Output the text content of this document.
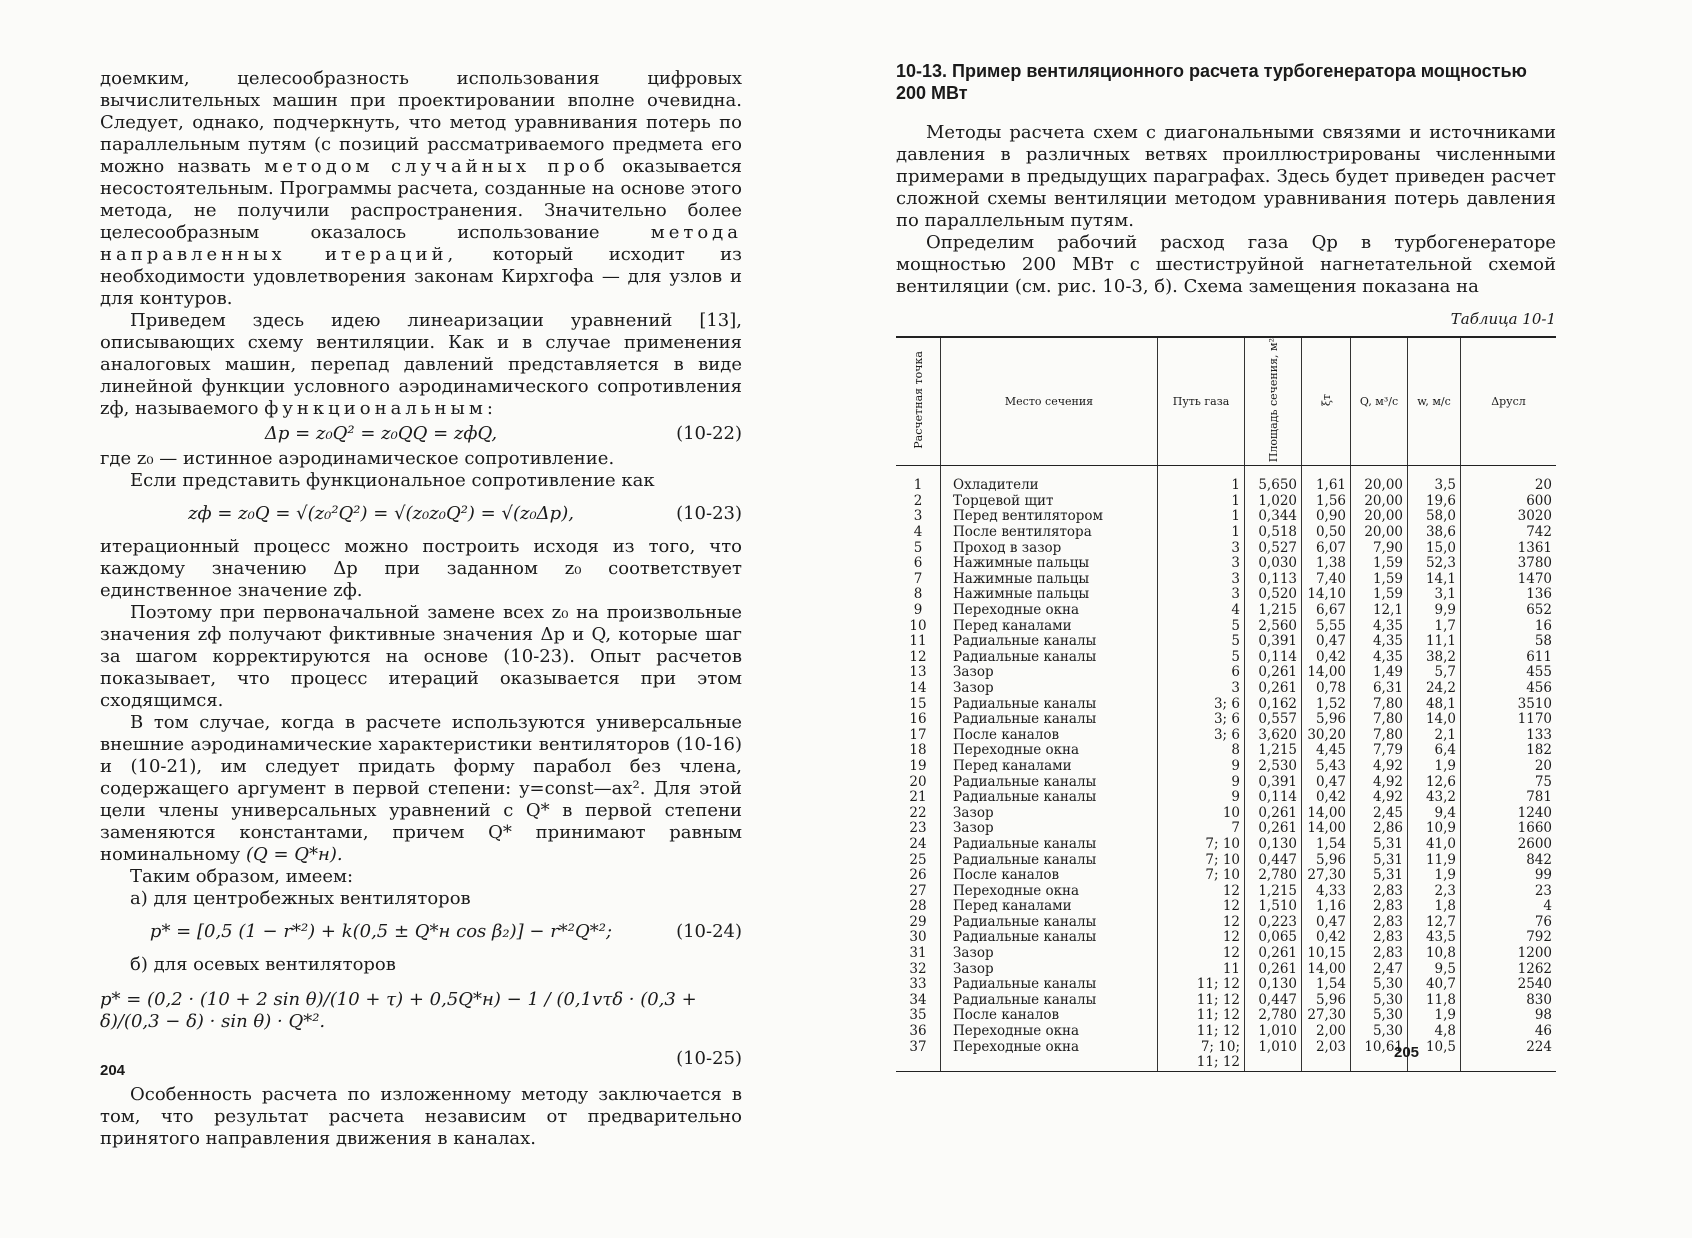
доемким, целесообразность использования цифровых вычислительных машин при проектировании вполне очевидна. Следует, однако, подчеркнуть, что метод уравнивания потерь по параллельным путям (с позиций рассматриваемого предмета его можно назвать методом случайных проб оказывается несостоятельным. Программы расчета, созданные на основе этого метода, не получили распространения. Значительно более целесообразным оказалось использование	метода направленных итераций, который исходит из необходимости удовлетворения законам Кирхгофа — для узлов и для контуров.

Приведем здесь идею линеаризации уравнений [13], описывающих схему вентиляции. Как и в случае применения аналоговых машин, перепад давлений представляется в виде линейной функции условного аэродинамического сопротивления zф, называемого функциональным:

Δp = z₀Q² = z₀QQ = zфQ,	(10-22)

где z₀ — истинное аэродинамическое сопротивление.

Если представить функциональное сопротивление как

zф = z₀Q = √(z₀²Q²) = √(z₀z₀Q²) = √(z₀Δp),	(10-23)

итерационный процесс можно построить исходя из того, что каждому значению Δp при заданном z₀ соответствует единственное значение zф.

Поэтому при первоначальной замене всех z₀ на произвольные значения zф получают фиктивные значения Δp и Q, которые шаг за шагом корректируются на основе (10-23). Опыт расчетов показывает, что процесс итераций оказывается при этом сходящимся.

В том случае, когда в расчете используются универсальные внешние аэродинамические характеристики вентиляторов (10-16) и (10-21), им следует придать форму парабол без члена, содержащего аргумент в первой степени: y=const—ax². Для этой цели члены универсальных уравнений с Q* в первой степени заменяются константами, причем Q* принимают равным номинальному (Q = Q*н).

Таким образом, имеем:

а) для центробежных вентиляторов

p* = [0,5 (1 − r*²) + k(0,5 ± Q*н cos β₂)] − r*²Q*²;	(10-24)

б) для осевых вентиляторов

p* = (0,2 · (10 + 2 sin θ)/(10 + τ) + 0,5Q*н) − 1 / (0,1vτδ · (0,3 + δ)/(0,3 − δ) · sin θ) · Q*².
(10-25)

Особенность расчета по изложенному методу заключается в том, что результат расчета независим от предварительно принятого направления движения в каналах.

204
10-13. Пример вентиляционного расчета турбогенератора мощностью 200 МВт

Методы расчета схем с диагональными связями и источниками давления в различных ветвях проиллюстрированы численными примерами в предыдущих параграфах. Здесь будет приведен расчет сложной схемы вентиляции методом уравнивания потерь давления по параллельным путям.

Определим рабочий расход газа Qр в турбогенераторе мощностью 200 МВт с шестиструйной нагнетательной схемой вентиляции (см. рис. 10-3, б). Схема замещения показана на

Таблица 10-1
Расчетная точка	Место сечения	Путь газа	Площадь сечения, м²	ξт	Q, м³/с	w, м/с	Δpусл

1	Охладители	1	5,650	1,61	20,00	3,5	20
2	Торцевой щит	1	1,020	1,56	20,00	19,6	600
3	Перед вентилятором	1	0,344	0,90	20,00	58,0	3020
4	После вентилятора	1	0,518	0,50	20,00	38,6	742
5	Проход в зазор	3	0,527	6,07	7,90	15,0	1361
6	Нажимные пальцы	3	0,030	1,38	1,59	52,3	3780
7	Нажимные пальцы	3	0,113	7,40	1,59	14,1	1470
8	Нажимные пальцы	3	0,520	14,10	1,59	3,1	136
9	Переходные окна	4	1,215	6,67	12,1	9,9	652
10	Перед каналами	5	2,560	5,55	4,35	1,7	16
11	Радиальные каналы	5	0,391	0,47	4,35	11,1	58
12	Радиальные каналы	5	0,114	0,42	4,35	38,2	611
13	Зазор	6	0,261	14,00	1,49	5,7	455
14	Зазор	3	0,261	0,78	6,31	24,2	456
15	Радиальные каналы	3; 6	0,162	1,52	7,80	48,1	3510
16	Радиальные каналы	3; 6	0,557	5,96	7,80	14,0	1170
17	После каналов	3; 6	3,620	30,20	7,80	2,1	133
18	Переходные окна	8	1,215	4,45	7,79	6,4	182
19	Перед каналами	9	2,530	5,43	4,92	1,9	20
20	Радиальные каналы	9	0,391	0,47	4,92	12,6	75
21	Радиальные каналы	9	0,114	0,42	4,92	43,2	781
22	Зазор	10	0,261	14,00	2,45	9,4	1240
23	Зазор	7	0,261	14,00	2,86	10,9	1660
24	Радиальные каналы	7; 10	0,130	1,54	5,31	41,0	2600
25	Радиальные каналы	7; 10	0,447	5,96	5,31	11,9	842
26	После каналов	7; 10	2,780	27,30	5,31	1,9	99
27	Переходные окна	12	1,215	4,33	2,83	2,3	23
28	Перед каналами	12	1,510	1,16	2,83	1,8	4
29	Радиальные каналы	12	0,223	0,47	2,83	12,7	76
30	Радиальные каналы	12	0,065	0,42	2,83	43,5	792
31	Зазор	12	0,261	10,15	2,83	10,8	1200
32	Зазор	11	0,261	14,00	2,47	9,5	1262
33	Радиальные каналы	11; 12	0,130	1,54	5,30	40,7	2540
34	Радиальные каналы	11; 12	0,447	5,96	5,30	11,8	830
35	После каналов	11; 12	2,780	27,30	5,30	1,9	98
36	Переходные окна	11; 12	1,010	2,00	5,30	4,8	46
37	Переходные окна	7; 10;	1,010	2,03	10,61	10,5	224
		11; 12					
205
